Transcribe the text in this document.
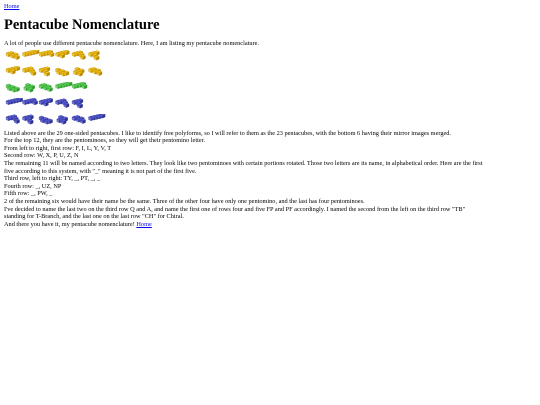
Home
Pentacube Nomenclature

A lot of people use different pentacube nomenclature. Here, I am listing my pentacube nomenclature.

Listed above are the 29 one-sided pentacubes. I like to identify free polyforms, so I will refer to them as the 23 pentacubes, with the bottom 6 having their mirror images merged.

For the top 12, they are the pentominoes, so they will get their pentomino letter.

From left to right, first row: F, I, L, Y, V, T

Second row: W, X, P, U, Z, N

The remaining 11 will be named according to two letters. They look like two pentominoes with certain portions rotated. Those two letters are its name, in alphabetical order. Here are the first five according to this system, with "_" meaning it is not part of the first five.

Third row, left to right: TY, _, PT, _, _

Fourth row: _, UZ, NP

Fifth row: _, PW, _

2 of the remaining six would have their name be the same. Three of the other four have only one pentomino, and the last has four pentominoes.

I've decided to name the last two on the third row Q and A, and name the first one of rows four and five FP and PF accordingly. I named the second from the left on the third row "TB" standing for T-Branch, and the last one on the last row "CH" for Chiral.

And there you have it, my pentacube nomenclature! Home
